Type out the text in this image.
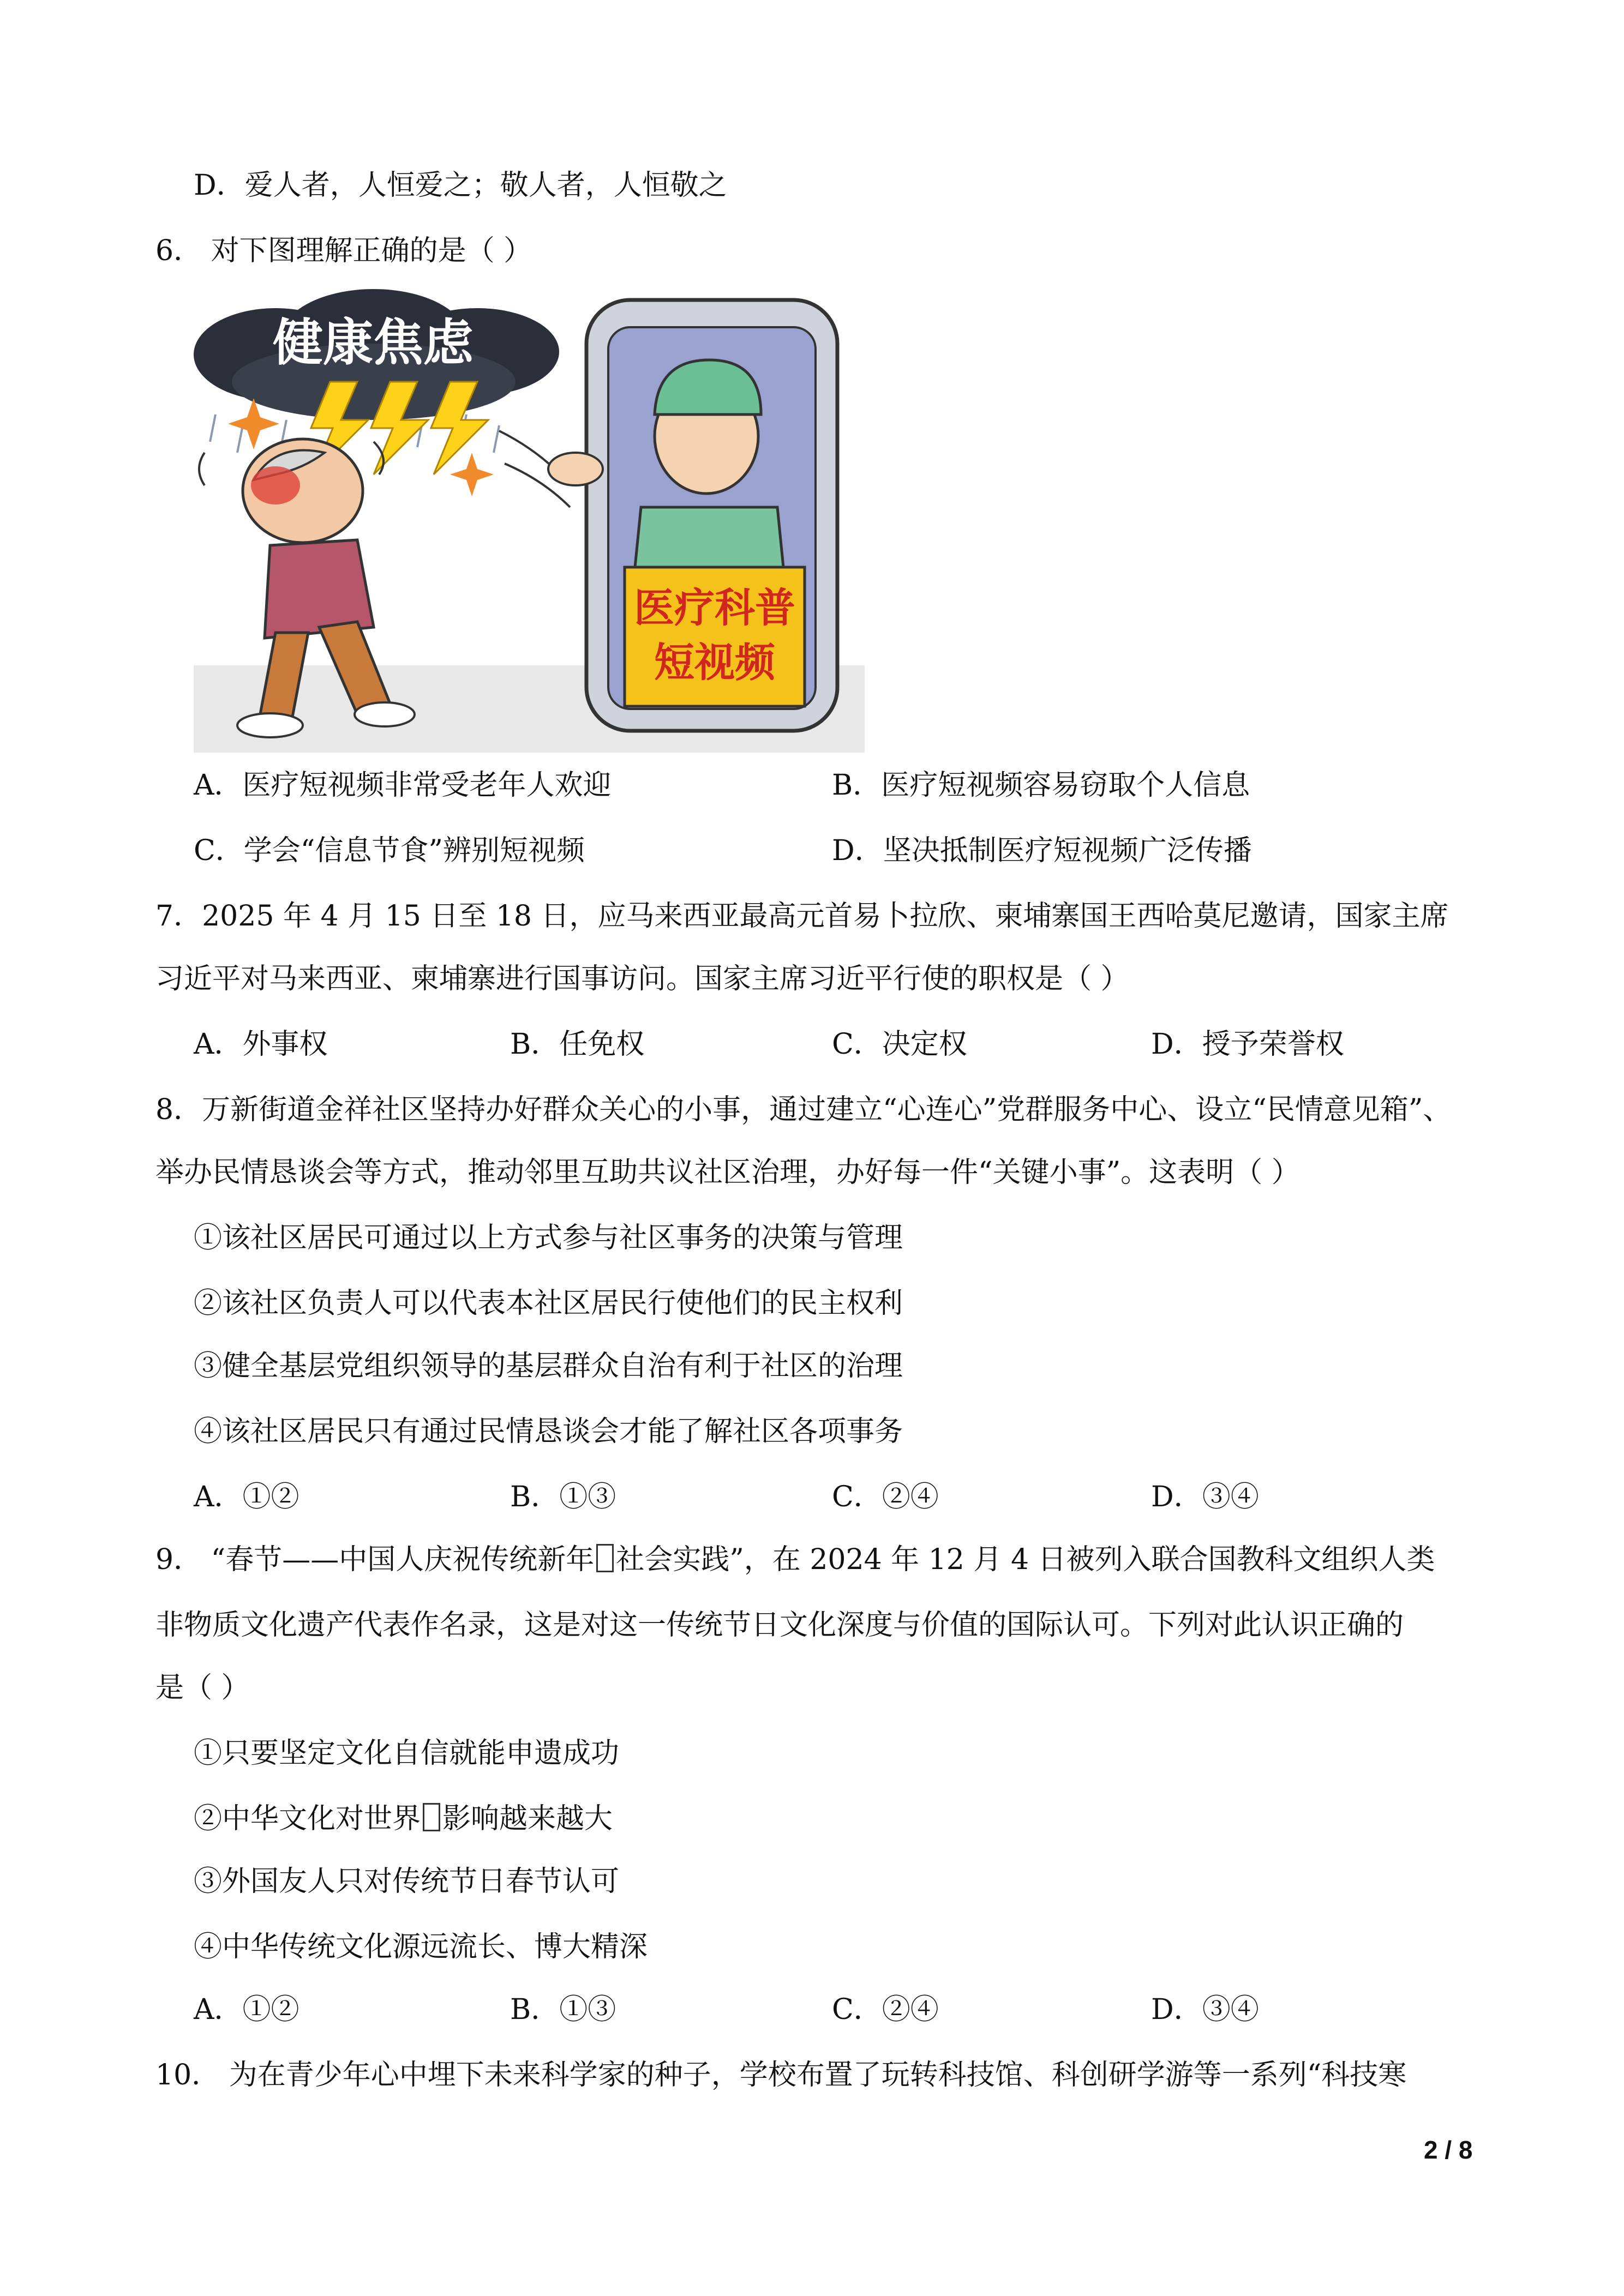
D．爱人者，人恒爱之；敬人者，人恒敬之
6． 对下图理解正确的是（ ）
健康焦虑
医疗科普
短视频
A．医疗短视频非常受老年人欢迎	B．医疗短视频容易窃取个人信息
C．学会“信息节食”辨别短视频	D．坚决抵制医疗短视频广泛传播
7．2025 年 4 月 15 日至 18 日，应马来西亚最高元首易卜拉欣、柬埔寨国王西哈莫尼邀请，国家主席
习近平对马来西亚、柬埔寨进行国事访问。国家主席习近平行使的职权是（ ）
A．外事权	B．任免权	C．决定权	D．授予荣誉权
8．万新街道金祥社区坚持办好群众关心的小事，通过建立“心连心”党群服务中心、设立“民情意见箱”、
举办民情恳谈会等方式，推动邻里互助共议社区治理，办好每一件“关键小事”。这表明（ ）
①该社区居民可通过以上方式参与社区事务的决策与管理
②该社区负责人可以代表本社区居民行使他们的民主权利
③健全基层党组织领导的基层群众自治有利于社区的治理
④该社区居民只有通过民情恳谈会才能了解社区各项事务
A．①②	B．①③	C．②④	D．③④
9． “春节——中国人庆祝传统新年 社会实践”，在 2024 年 12 月 4 日被列入联合国教科文组织人类
非物质文化遗产代表作名录，这是对这一传统节日文化深度与价值的国际认可。下列对此认识正确的
是（ ）
①只要坚定文化自信就能申遗成功
②中华文化对世界 影响越来越大
③外国友人只对传统节日春节认可
④中华传统文化源远流长、博大精深
A．①②	B．①③	C．②④	D．③④
10． 为在青少年心中埋下未来科学家的种子，学校布置了玩转科技馆、科创研学游等一系列“科技寒
2 / 8
